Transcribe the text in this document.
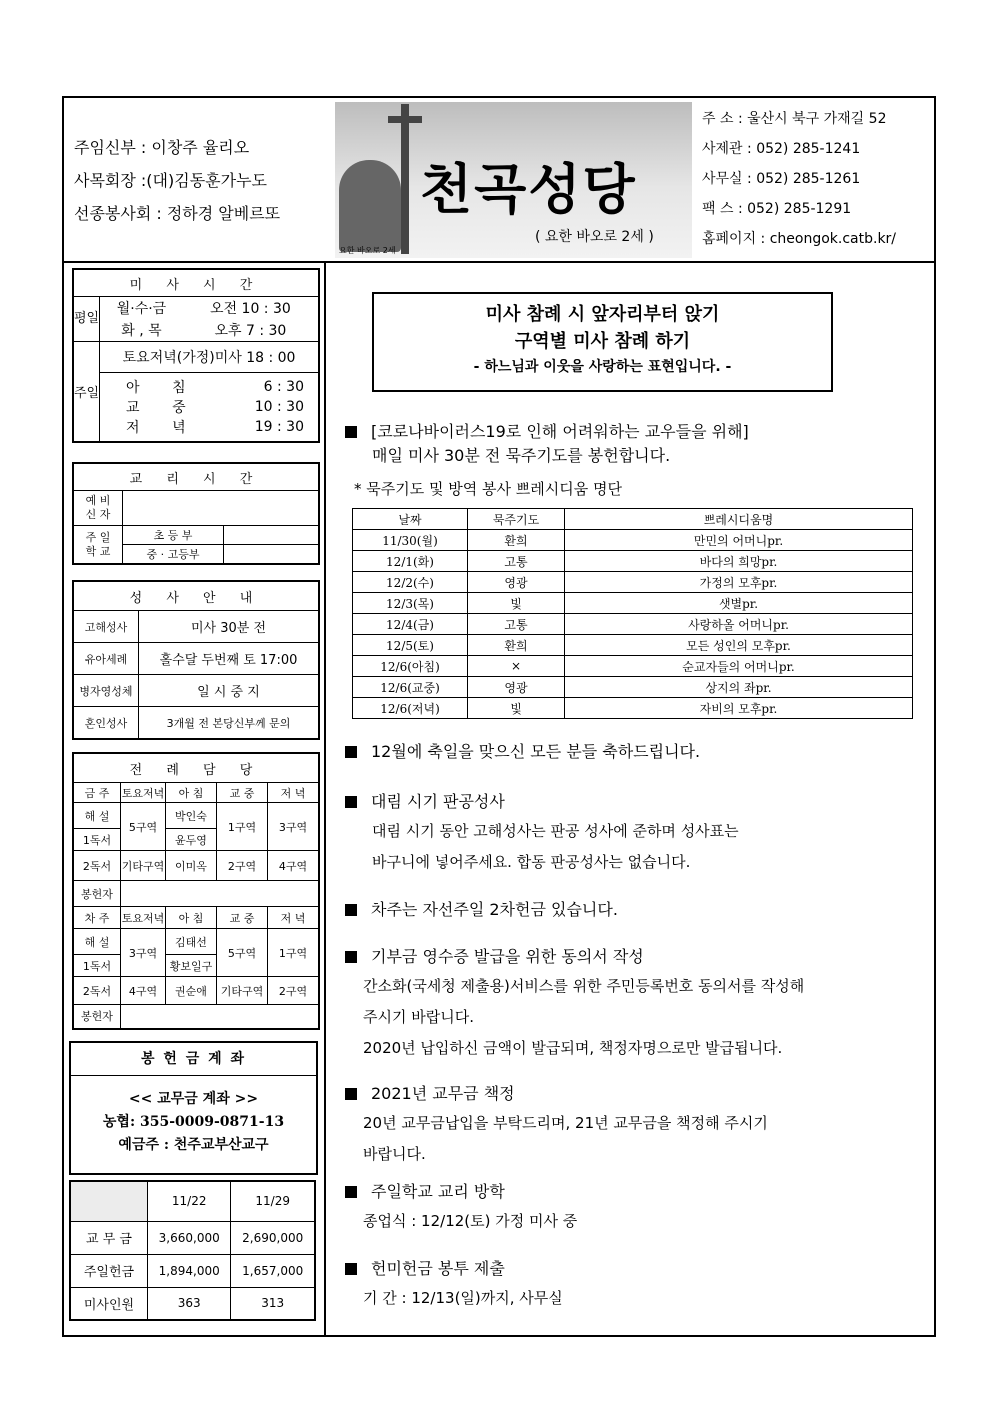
주임신부 : 이창주 율리오
사목회장 :(대)김동훈가누도
선종봉사회 : 정하경 알베르또	천곡성당
( 요한 바오로 2세 )
요한 바오로 2세
주 소 : 울산시 북구 가재길 52
사제관 : 052) 285-1241
사무실 : 052) 285-1261
팩 스 : 052) 285-1291
홈페이지 : cheongok.catb.kr/
미 사 시 간
평일	월·수·금	오전 10 : 30
화 , 목	오후 7 : 30
주일	토요저녁(가정)미사 18 : 00

아	침	6 : 30
교	중	10 : 30
저	녁	19 : 30
교 리 시 간		
예 비
신 자		
주 일
학 교	초 등 부	
	중 · 고등부	
성 사 안 내	
고해성사	미사 30분 전
유아세례	홀수달 두번째 토 17:00
병자영성체	일 시 중 지
혼인성사	3개월 전 본당신부께 문의
전 례 담 당				
금 주	토요저녁	아 침	교 중	저 녁
해 설	5구역	박인숙	1구역	3구역
1독서		윤두영		
2독서	기타구역	이미옥	2구역	4구역
봉헌자				
차 주	토요저녁	아 침	교 중	저 녁
해 설	3구역	김태선	5구역	1구역
1독서		황보일구		
2독서	4구역	권순애	기타구역	2구역
봉헌자				
봉 헌 금 계 좌
<< 교무금 계좌 >>
농협: 355-0009-0871-13
예금주 : 천주교부산교구
	11/22	11/29
교 무 금	3,660,000	2,690,000
주일헌금	1,894,000	1,657,000
미사인원	363	313
미사 참례 시 앞자리부터 앉기
구역별 미사 참례 하기
- 하느님과 이웃을 사랑하는 표현입니다. -
[코로나바이러스19로 인해 어려워하는 교우들을 위해]
매일 미사 30분 전 묵주기도를 봉헌합니다.
* 묵주기도 및 방역 봉사 쁘레시디움 명단
날짜	묵주기도	쁘레시디움명
11/30(월)	환희	만민의 어머니pr.
12/1(화)	고통	바다의 희망pr.
12/2(수)	영광	가정의 모후pr.
12/3(목)	빛	샛별pr.
12/4(금)	고통	사랑하올 어머니pr.
12/5(토)	환희	모든 성인의 모후pr.
12/6(아침)	×	순교자들의 어머니pr.
12/6(교중)	영광	상지의 좌pr.
12/6(저녁)	빛	자비의 모후pr.
12월에 축일을 맞으신 모든 분들 축하드립니다.
대림 시기 판공성사
대림 시기 동안 고해성사는 판공 성사에 준하며 성사표는
바구니에 넣어주세요. 합동 판공성사는 없습니다.
차주는 자선주일 2차헌금 있습니다.
기부금 영수증 발급을 위한 동의서 작성
간소화(국세청 제출용)서비스를 위한 주민등록번호 동의서를 작성해
주시기 바랍니다.
2020년 납입하신 금액이 발급되며, 책정자명으로만 발급됩니다.
2021년 교무금 책정
20년 교무금납입을 부탁드리며, 21년 교무금을 책정해 주시기
바랍니다.
주일학교 교리 방학
종업식 : 12/12(토) 가정 미사 중
헌미헌금 봉투 제출
기 간 : 12/13(일)까지, 사무실
